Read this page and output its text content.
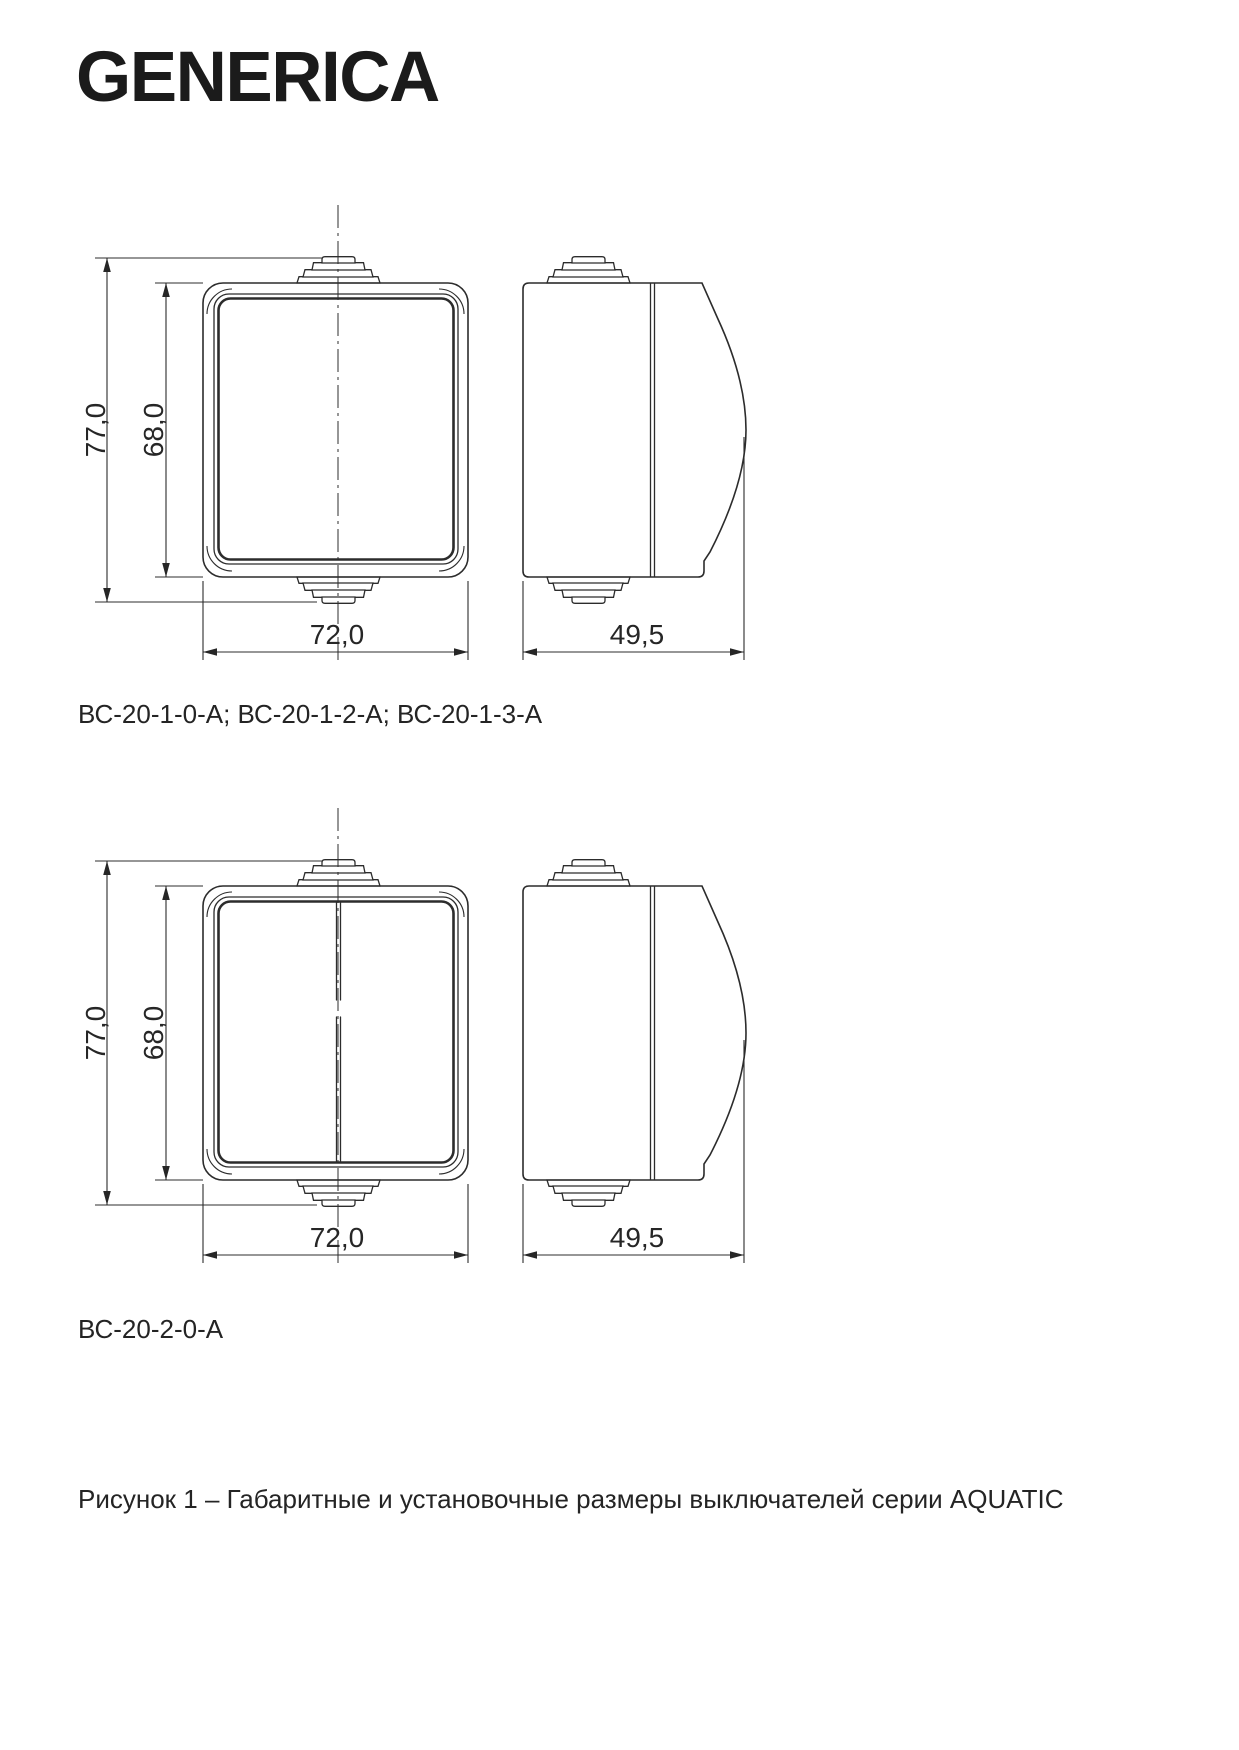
GENERICA
77,0 68,0
72,0	49,5
ВС-20-1-0-А; ВС-20-1-2-А; ВС-20-1-3-А
77,0 68,0
72,0	49,5
ВС-20-2-0-А
Рисунок 1 – Габаритные и установочные размеры выключателей серии AQUATIC
